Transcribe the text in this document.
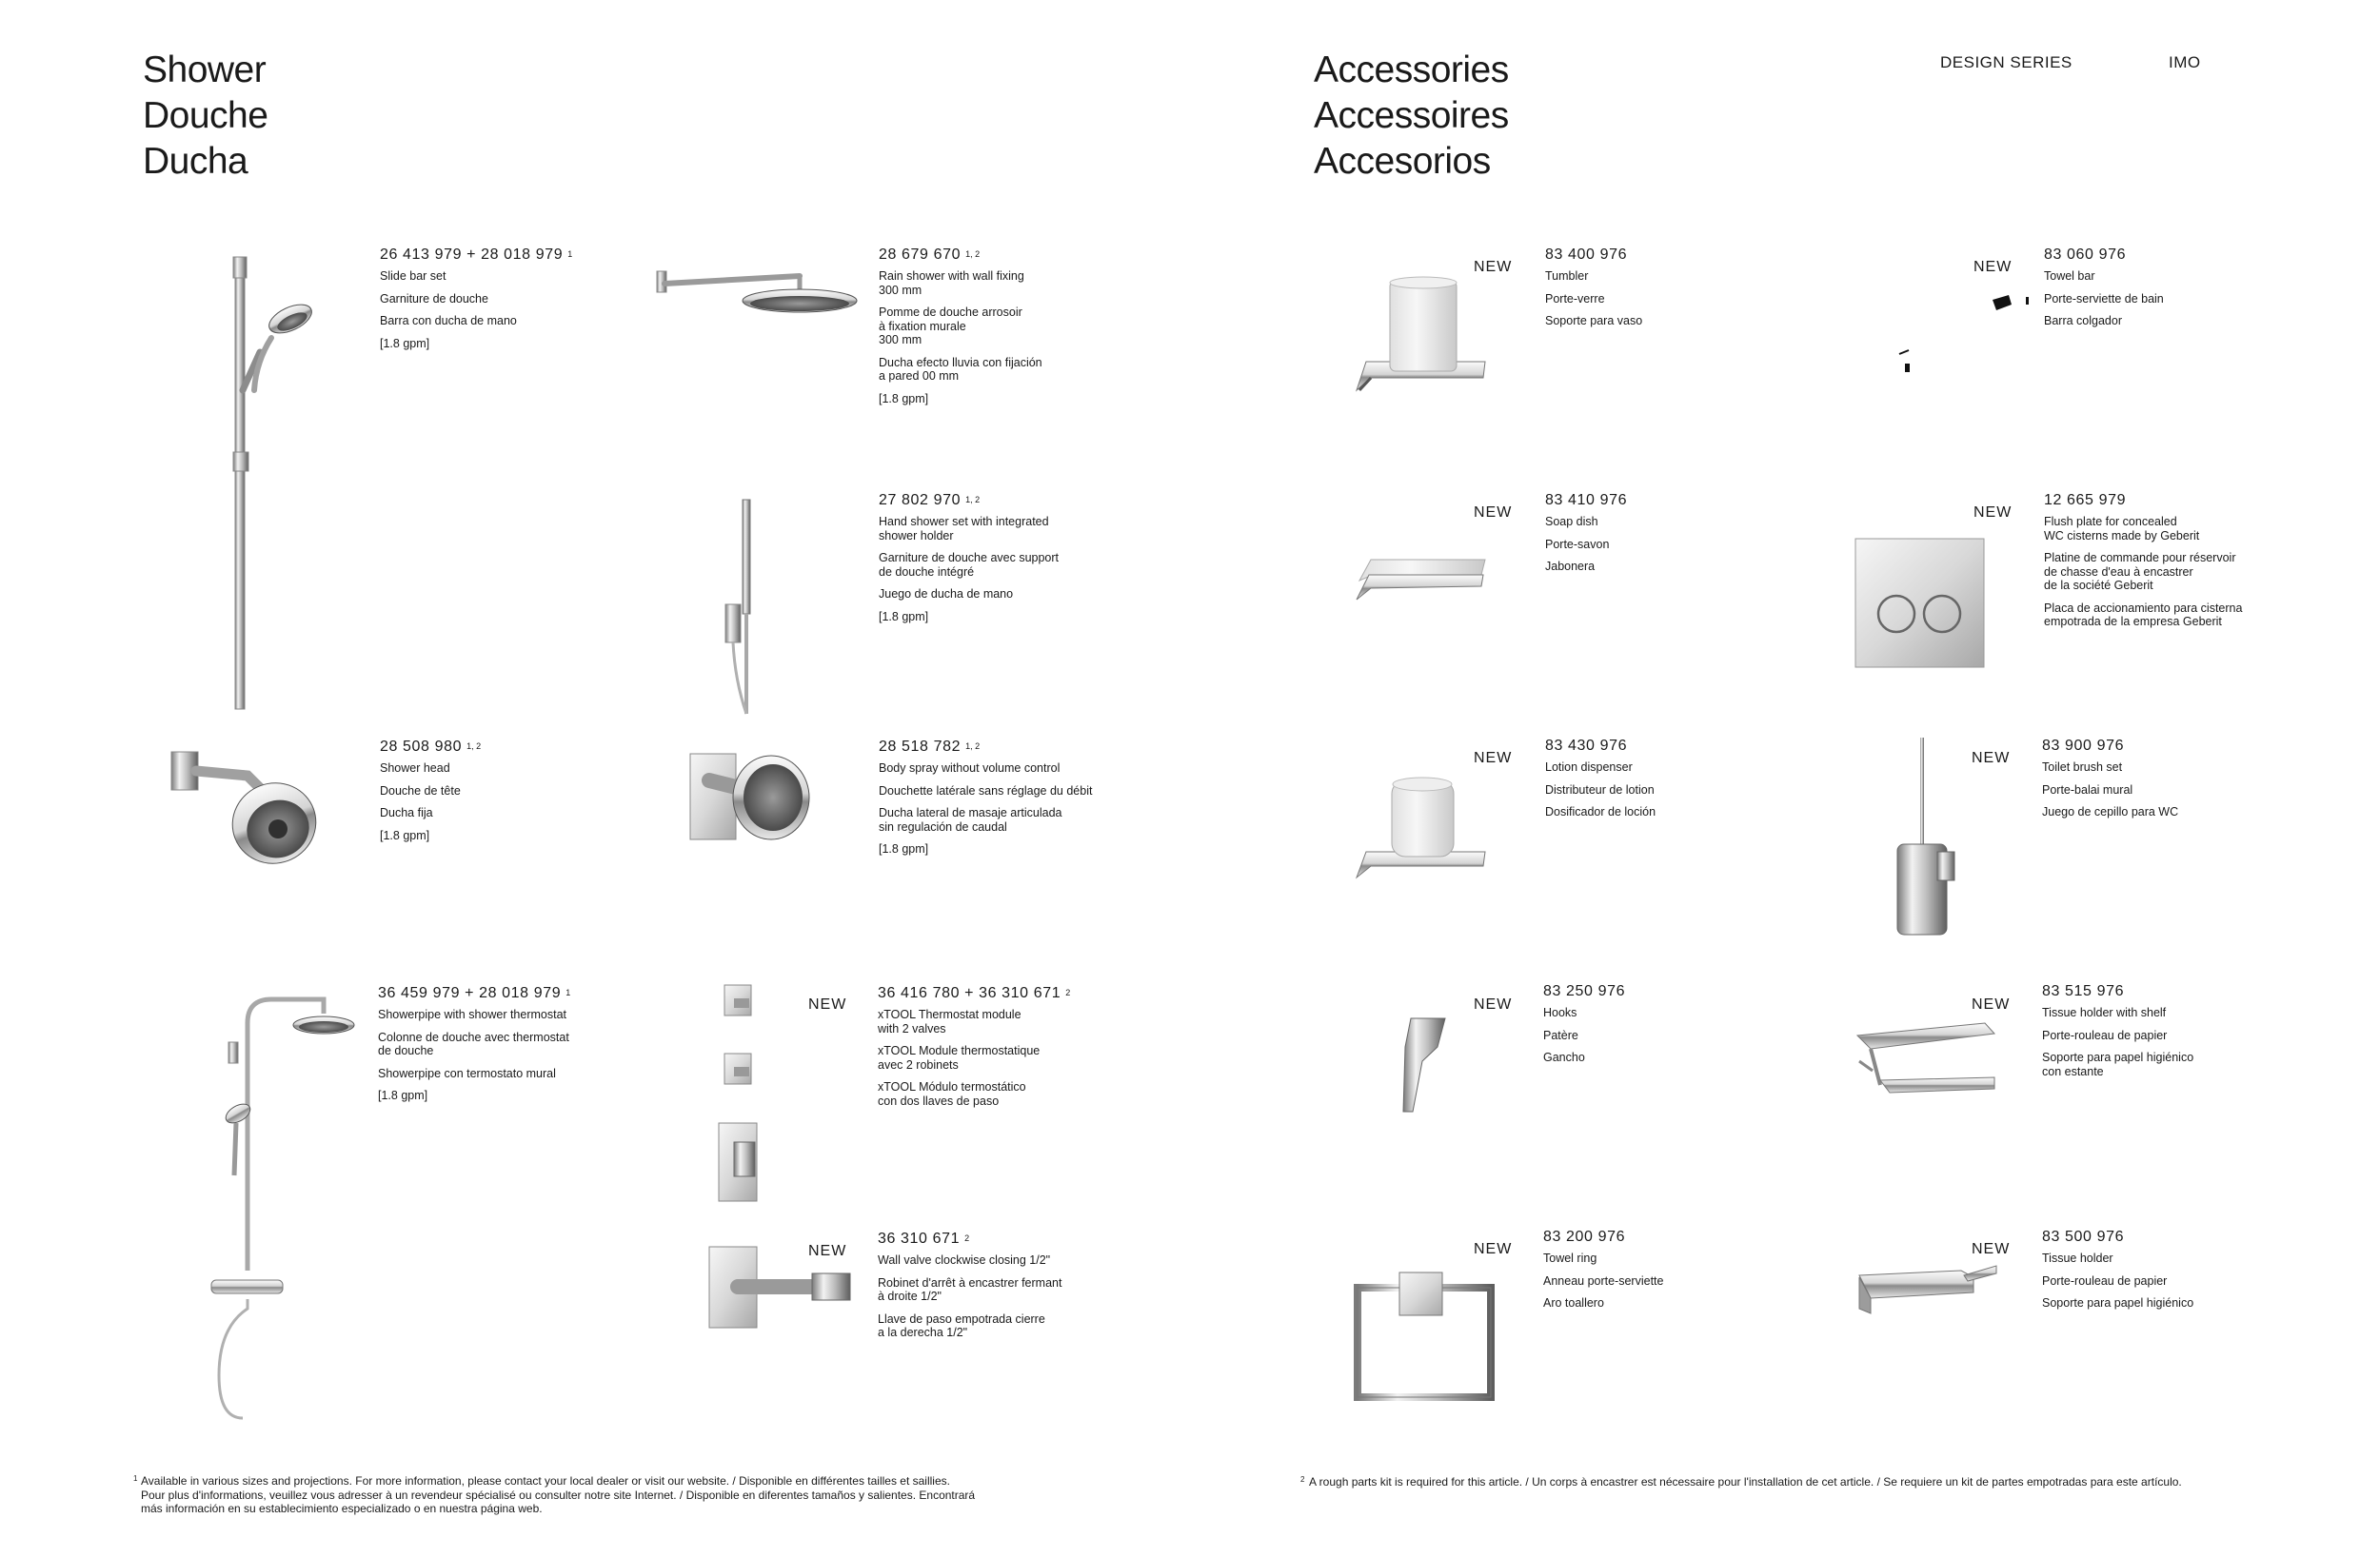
Shower
Douche
Ducha
26 413 979 + 28 018 979 $^1$
Slide bar set
Garniture de douche
Barra con ducha de mano
[1.8 gpm]
28 679 670 $^{1, 2}$
Rain shower with wall fixing
300 mm
Pomme de douche arrosoir
à fixation murale
300 mm
Ducha efecto lluvia con fijación
a pared 00 mm
[1.8 gpm]
27 802 970 $^{1, 2}$
Hand shower set with integrated
shower holder
Garniture de douche avec support
de douche intégré
Juego de ducha de mano
[1.8 gpm]
28 508 980 $^{1, 2}$
Shower head
Douche de tête
Ducha fija
[1.8 gpm]
28 518 782 $^{1, 2}$
Body spray without volume control
Douchette latérale sans réglage du débit
Ducha lateral de masaje articulada
sin regulación de caudal
[1.8 gpm]
36 459 979 + 28 018 979 $^1$
Showerpipe with shower thermostat
Colonne de douche avec thermostat
de douche
Showerpipe con termostato mural
[1.8 gpm]
NEW
36 416 780 + 36 310 671 $^2$
xTOOL Thermostat module
with 2 valves
xTOOL Module thermostatique
avec 2 robinets
xTOOL Módulo termostático
con dos llaves de paso
NEW
36 310 671 $^2$
Wall valve clockwise closing 1/2"
Robinet d'arrêt à encastrer fermant
à droite 1/2"
Llave de paso empotrada cierre
a la derecha 1/2"
1 Available in various sizes and projections. For more information, please contact your local dealer or visit our website. / Disponible en différentes tailles et saillies.
Pour plus d'informations, veuillez vous adresser à un revendeur spécialisé ou consulter notre site Internet. / Disponible en diferentes tamaños y salientes. Encontrará
más información en su establecimiento especializado o en nuestra página web.
Accessories
Accessoires
Accesorios
DESIGN SERIES	IMO
NEW
83 400 976
Tumbler
Porte-verre
Soporte para vaso
NEW
83 060 976
Towel bar
Porte-serviette de bain
Barra colgador
NEW
83 410 976
Soap dish
Porte-savon
Jabonera
NEW
12 665 979
Flush plate for concealed
WC cisterns made by Geberit
Platine de commande pour réservoir
de chasse d'eau à encastrer
de la société Geberit
Placa de accionamiento para cisterna
empotrada de la empresa Geberit
NEW
83 430 976
Lotion dispenser
Distributeur de lotion
Dosificador de loción
NEW
83 900 976
Toilet brush set
Porte-balai mural
Juego de cepillo para WC
NEW
83 250 976
Hooks
Patère
Gancho
NEW
83 515 976
Tissue holder with shelf
Porte-rouleau de papier
Soporte para papel higiénico
con estante
NEW
83 200 976
Towel ring
Anneau porte-serviette
Aro toallero
NEW
83 500 976
Tissue holder
Porte-rouleau de papier
Soporte para papel higiénico
2 A rough parts kit is required for this article. / Un corps à encastrer est nécessaire pour l'installation de cet article. / Se requiere un kit de partes empotradas para este artículo.
